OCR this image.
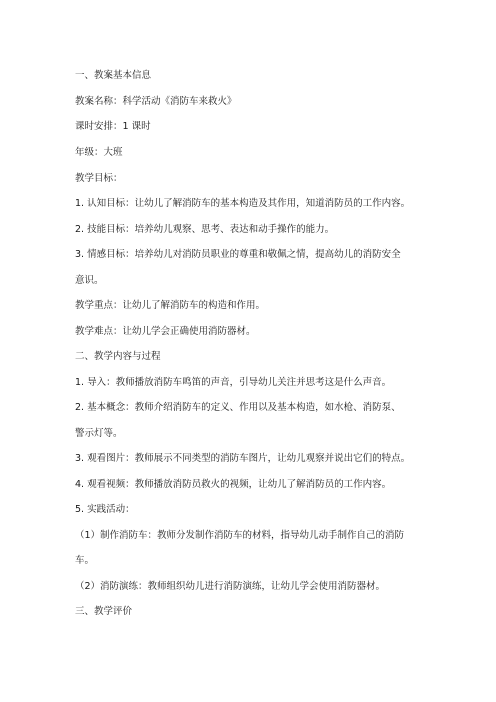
一、教案基本信息
教案名称：科学活动《消防车来救火》
课时安排：1 课时
年级：大班
教学目标：
1. 认知目标：让幼儿了解消防车的基本构造及其作用，知道消防员的工作内容。
2. 技能目标：培养幼儿观察、思考、表达和动手操作的能力。
3. 情感目标：培养幼儿对消防员职业的尊重和敬佩之情，提高幼儿的消防安全
意识。
教学重点：让幼儿了解消防车的构造和作用。
教学难点：让幼儿学会正确使用消防器材。
二、教学内容与过程
1. 导入：教师播放消防车鸣笛的声音，引导幼儿关注并思考这是什么声音。
2. 基本概念：教师介绍消防车的定义、作用以及基本构造，如水枪、消防泵、
警示灯等。
3. 观看图片：教师展示不同类型的消防车图片，让幼儿观察并说出它们的特点。
4. 观看视频：教师播放消防员救火的视频，让幼儿了解消防员的工作内容。
5. 实践活动：
（1）制作消防车：教师分发制作消防车的材料，指导幼儿动手制作自己的消防
车。
（2）消防演练：教师组织幼儿进行消防演练，让幼儿学会使用消防器材。
三、教学评价
